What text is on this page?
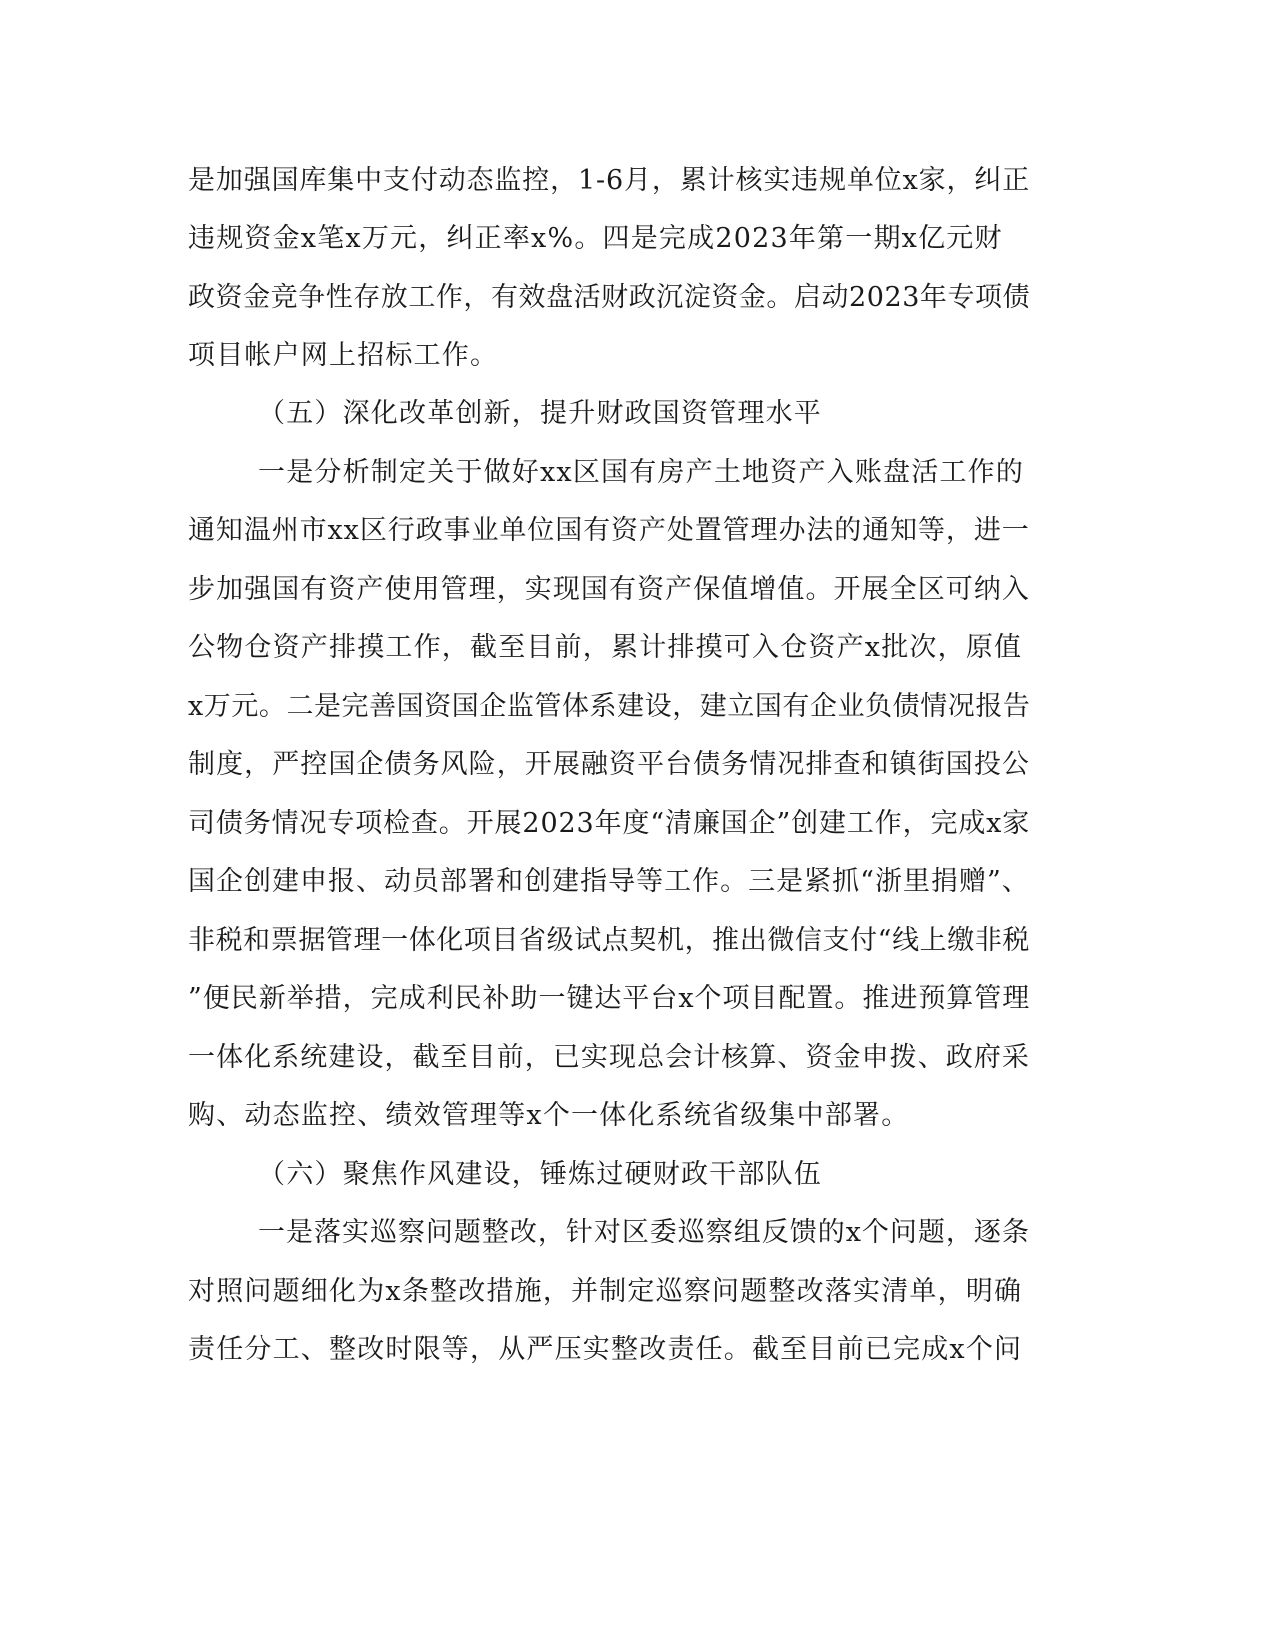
是加强国库集中支付动态监控，1-6月，累计核实违规单位x家，纠正

违规资金x笔x万元，纠正率x%。四是完成2023年第一期x亿元财

政资金竞争性存放工作，有效盘活财政沉淀资金。启动2023年专项债

项目帐户网上招标工作。

（五）深化改革创新，提升财政国资管理水平

一是分析制定关于做好xx区国有房产土地资产入账盘活工作的

通知温州市xx区行政事业单位国有资产处置管理办法的通知等，进一

步加强国有资产使用管理，实现国有资产保值增值。开展全区可纳入

公物仓资产排摸工作，截至目前，累计排摸可入仓资产x批次，原值

x万元。二是完善国资国企监管体系建设，建立国有企业负债情况报告

制度，严控国企债务风险，开展融资平台债务情况排查和镇街国投公

司债务情况专项检查。开展2023年度“清廉国企”创建工作，完成x家

国企创建申报、动员部署和创建指导等工作。三是紧抓“浙里捐赠”、

非税和票据管理一体化项目省级试点契机，推出微信支付“线上缴非税

”便民新举措，完成利民补助一键达平台x个项目配置。推进预算管理

一体化系统建设，截至目前，已实现总会计核算、资金申拨、政府采

购、动态监控、绩效管理等x个一体化系统省级集中部署。

（六）聚焦作风建设，锤炼过硬财政干部队伍

一是落实巡察问题整改，针对区委巡察组反馈的x个问题，逐条

对照问题细化为x条整改措施，并制定巡察问题整改落实清单，明确

责任分工、整改时限等，从严压实整改责任。截至目前已完成x个问
